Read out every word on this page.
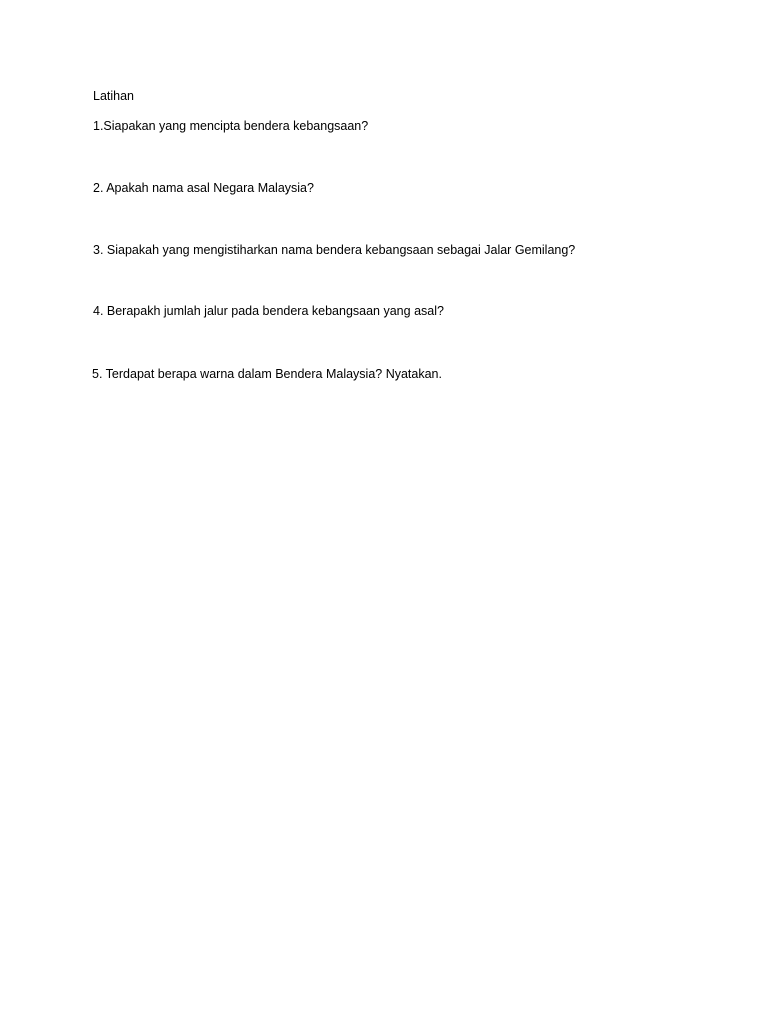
Latihan
1.Siapakan yang mencipta bendera kebangsaan?
2. Apakah nama asal Negara Malaysia?
3. Siapakah yang mengistiharkan nama bendera kebangsaan sebagai Jalar Gemilang?
4. Berapakh jumlah jalur pada bendera kebangsaan yang asal?
5. Terdapat berapa warna dalam Bendera Malaysia? Nyatakan.
